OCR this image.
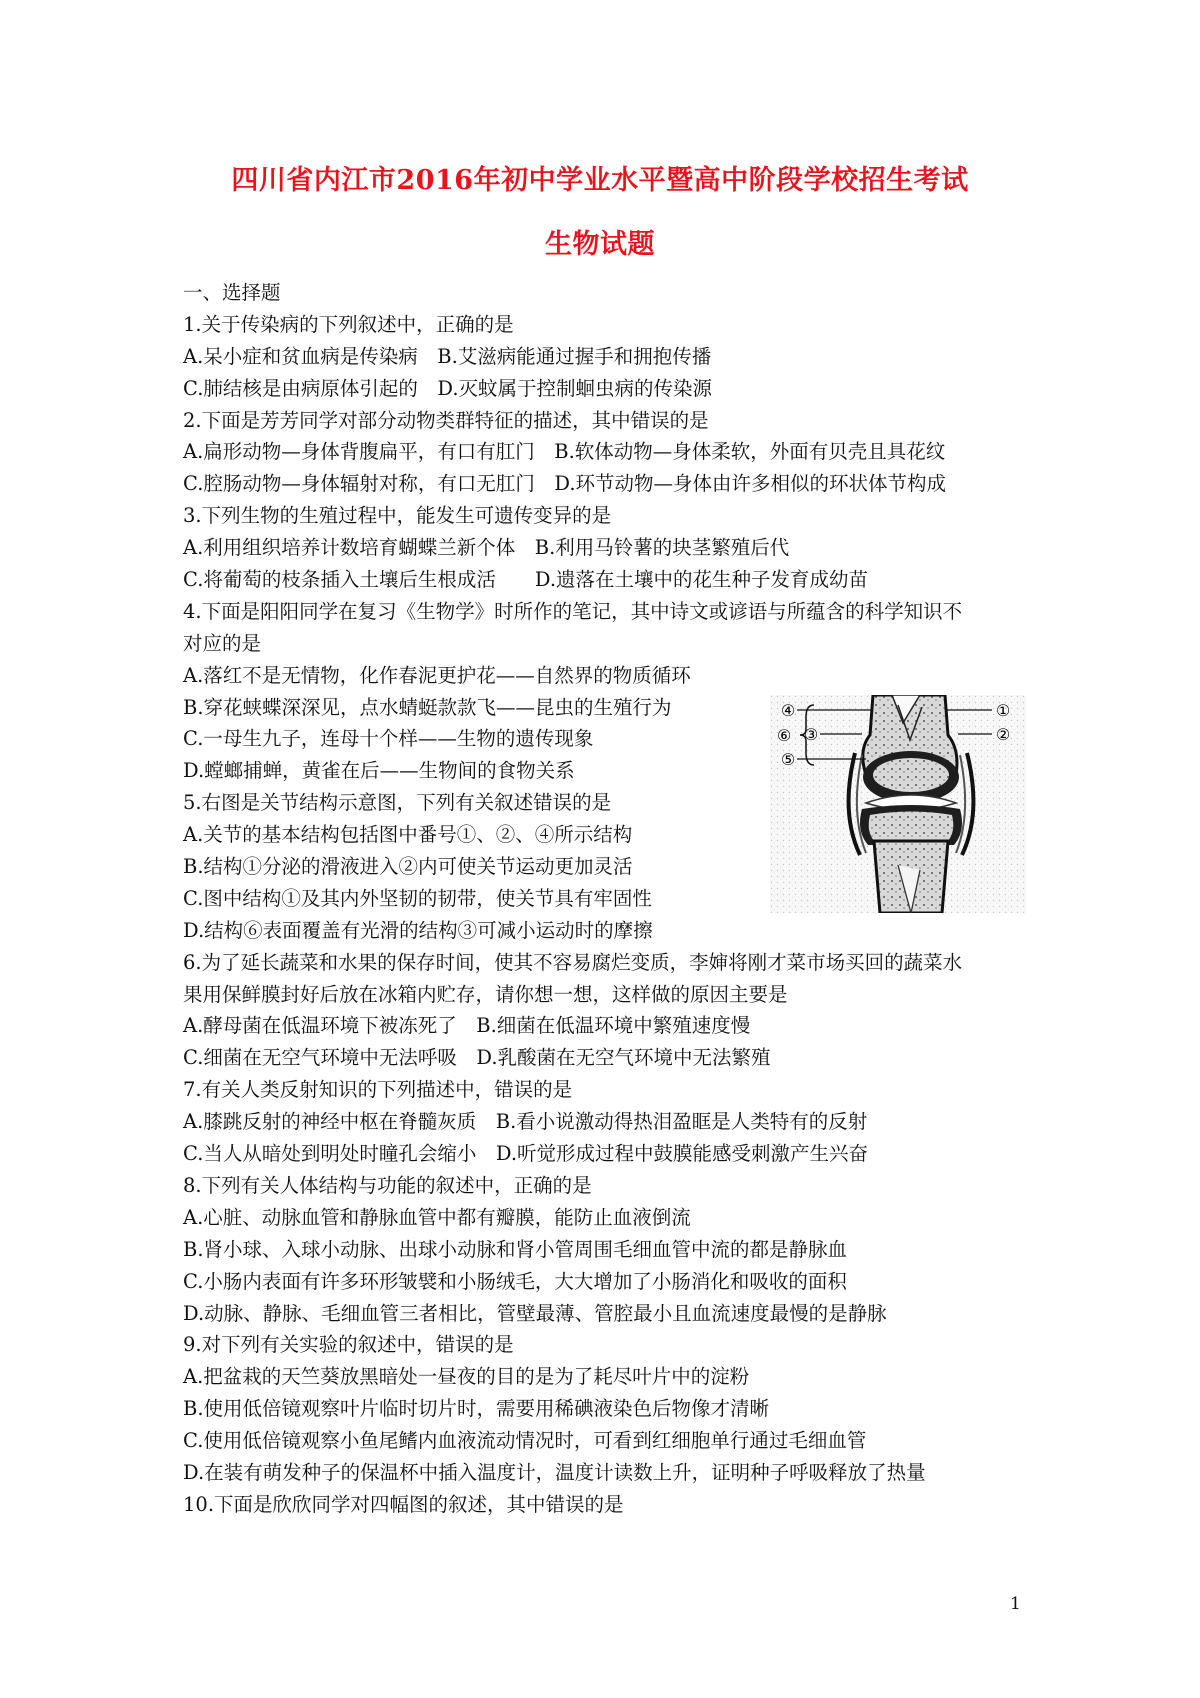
四川省内江市2016年初中学业水平暨高中阶段学校招生考试
生物试题
一、选择题
1.关于传染病的下列叙述中，正确的是
A.呆小症和贫血病是传染病　B.艾滋病能通过握手和拥抱传播
C.肺结核是由病原体引起的　D.灭蚊属于控制蛔虫病的传染源
2.下面是芳芳同学对部分动物类群特征的描述，其中错误的是
A.扁形动物—身体背腹扁平，有口有肛门　B.软体动物—身体柔软，外面有贝壳且具花纹
C.腔肠动物—身体辐射对称，有口无肛门　D.环节动物—身体由许多相似的环状体节构成
3.下列生物的生殖过程中，能发生可遗传变异的是
A.利用组织培养计数培育蝴蝶兰新个体　B.利用马铃薯的块茎繁殖后代
C.将葡萄的枝条插入土壤后生根成活　　D.遗落在土壤中的花生种子发育成幼苗
4.下面是阳阳同学在复习《生物学》时所作的笔记，其中诗文或谚语与所蕴含的科学知识不
对应的是
A.落红不是无情物，化作春泥更护花——自然界的物质循环
B.穿花蛱蝶深深见，点水蜻蜓款款飞——昆虫的生殖行为
C.一母生九子，连母十个样——生物的遗传现象
D.螳螂捕蝉，黄雀在后——生物间的食物关系
5.右图是关节结构示意图，下列有关叙述错误的是
A.关节的基本结构包括图中番号①、②、④所示结构
B.结构①分泌的滑液进入②内可使关节运动更加灵活
C.图中结构①及其内外坚韧的韧带，使关节具有牢固性
D.结构⑥表面覆盖有光滑的结构③可减小运动时的摩擦
6.为了延长蔬菜和水果的保存时间，使其不容易腐烂变质，李婶将刚才菜市场买回的蔬菜水
果用保鲜膜封好后放在冰箱内贮存，请你想一想，这样做的原因主要是
A.酵母菌在低温环境下被冻死了　B.细菌在低温环境中繁殖速度慢
C.细菌在无空气环境中无法呼吸　D.乳酸菌在无空气环境中无法繁殖
7.有关人类反射知识的下列描述中，错误的是
A.膝跳反射的神经中枢在脊髓灰质　B.看小说激动得热泪盈眶是人类特有的反射
C.当人从暗处到明处时瞳孔会缩小　D.听觉形成过程中鼓膜能感受刺激产生兴奋
8.下列有关人体结构与功能的叙述中，正确的是
A.心脏、动脉血管和静脉血管中都有瓣膜，能防止血液倒流
B.肾小球、入球小动脉、出球小动脉和肾小管周围毛细血管中流的都是静脉血
C.小肠内表面有许多环形皱襞和小肠绒毛，大大增加了小肠消化和吸收的面积
D.动脉、静脉、毛细血管三者相比，管壁最薄、管腔最小且血流速度最慢的是静脉
9.对下列有关实验的叙述中，错误的是
A.把盆栽的天竺葵放黑暗处一昼夜的目的是为了耗尽叶片中的淀粉
B.使用低倍镜观察叶片临时切片时，需要用稀碘液染色后物像才清晰
C.使用低倍镜观察小鱼尾鳍内血液流动情况时，可看到红细胞单行通过毛细血管
D.在装有萌发种子的保温杯中插入温度计，温度计读数上升，证明种子呼吸释放了热量
10.下面是欣欣同学对四幅图的叙述，其中错误的是
④
③
⑤
⑥
①
②
1
